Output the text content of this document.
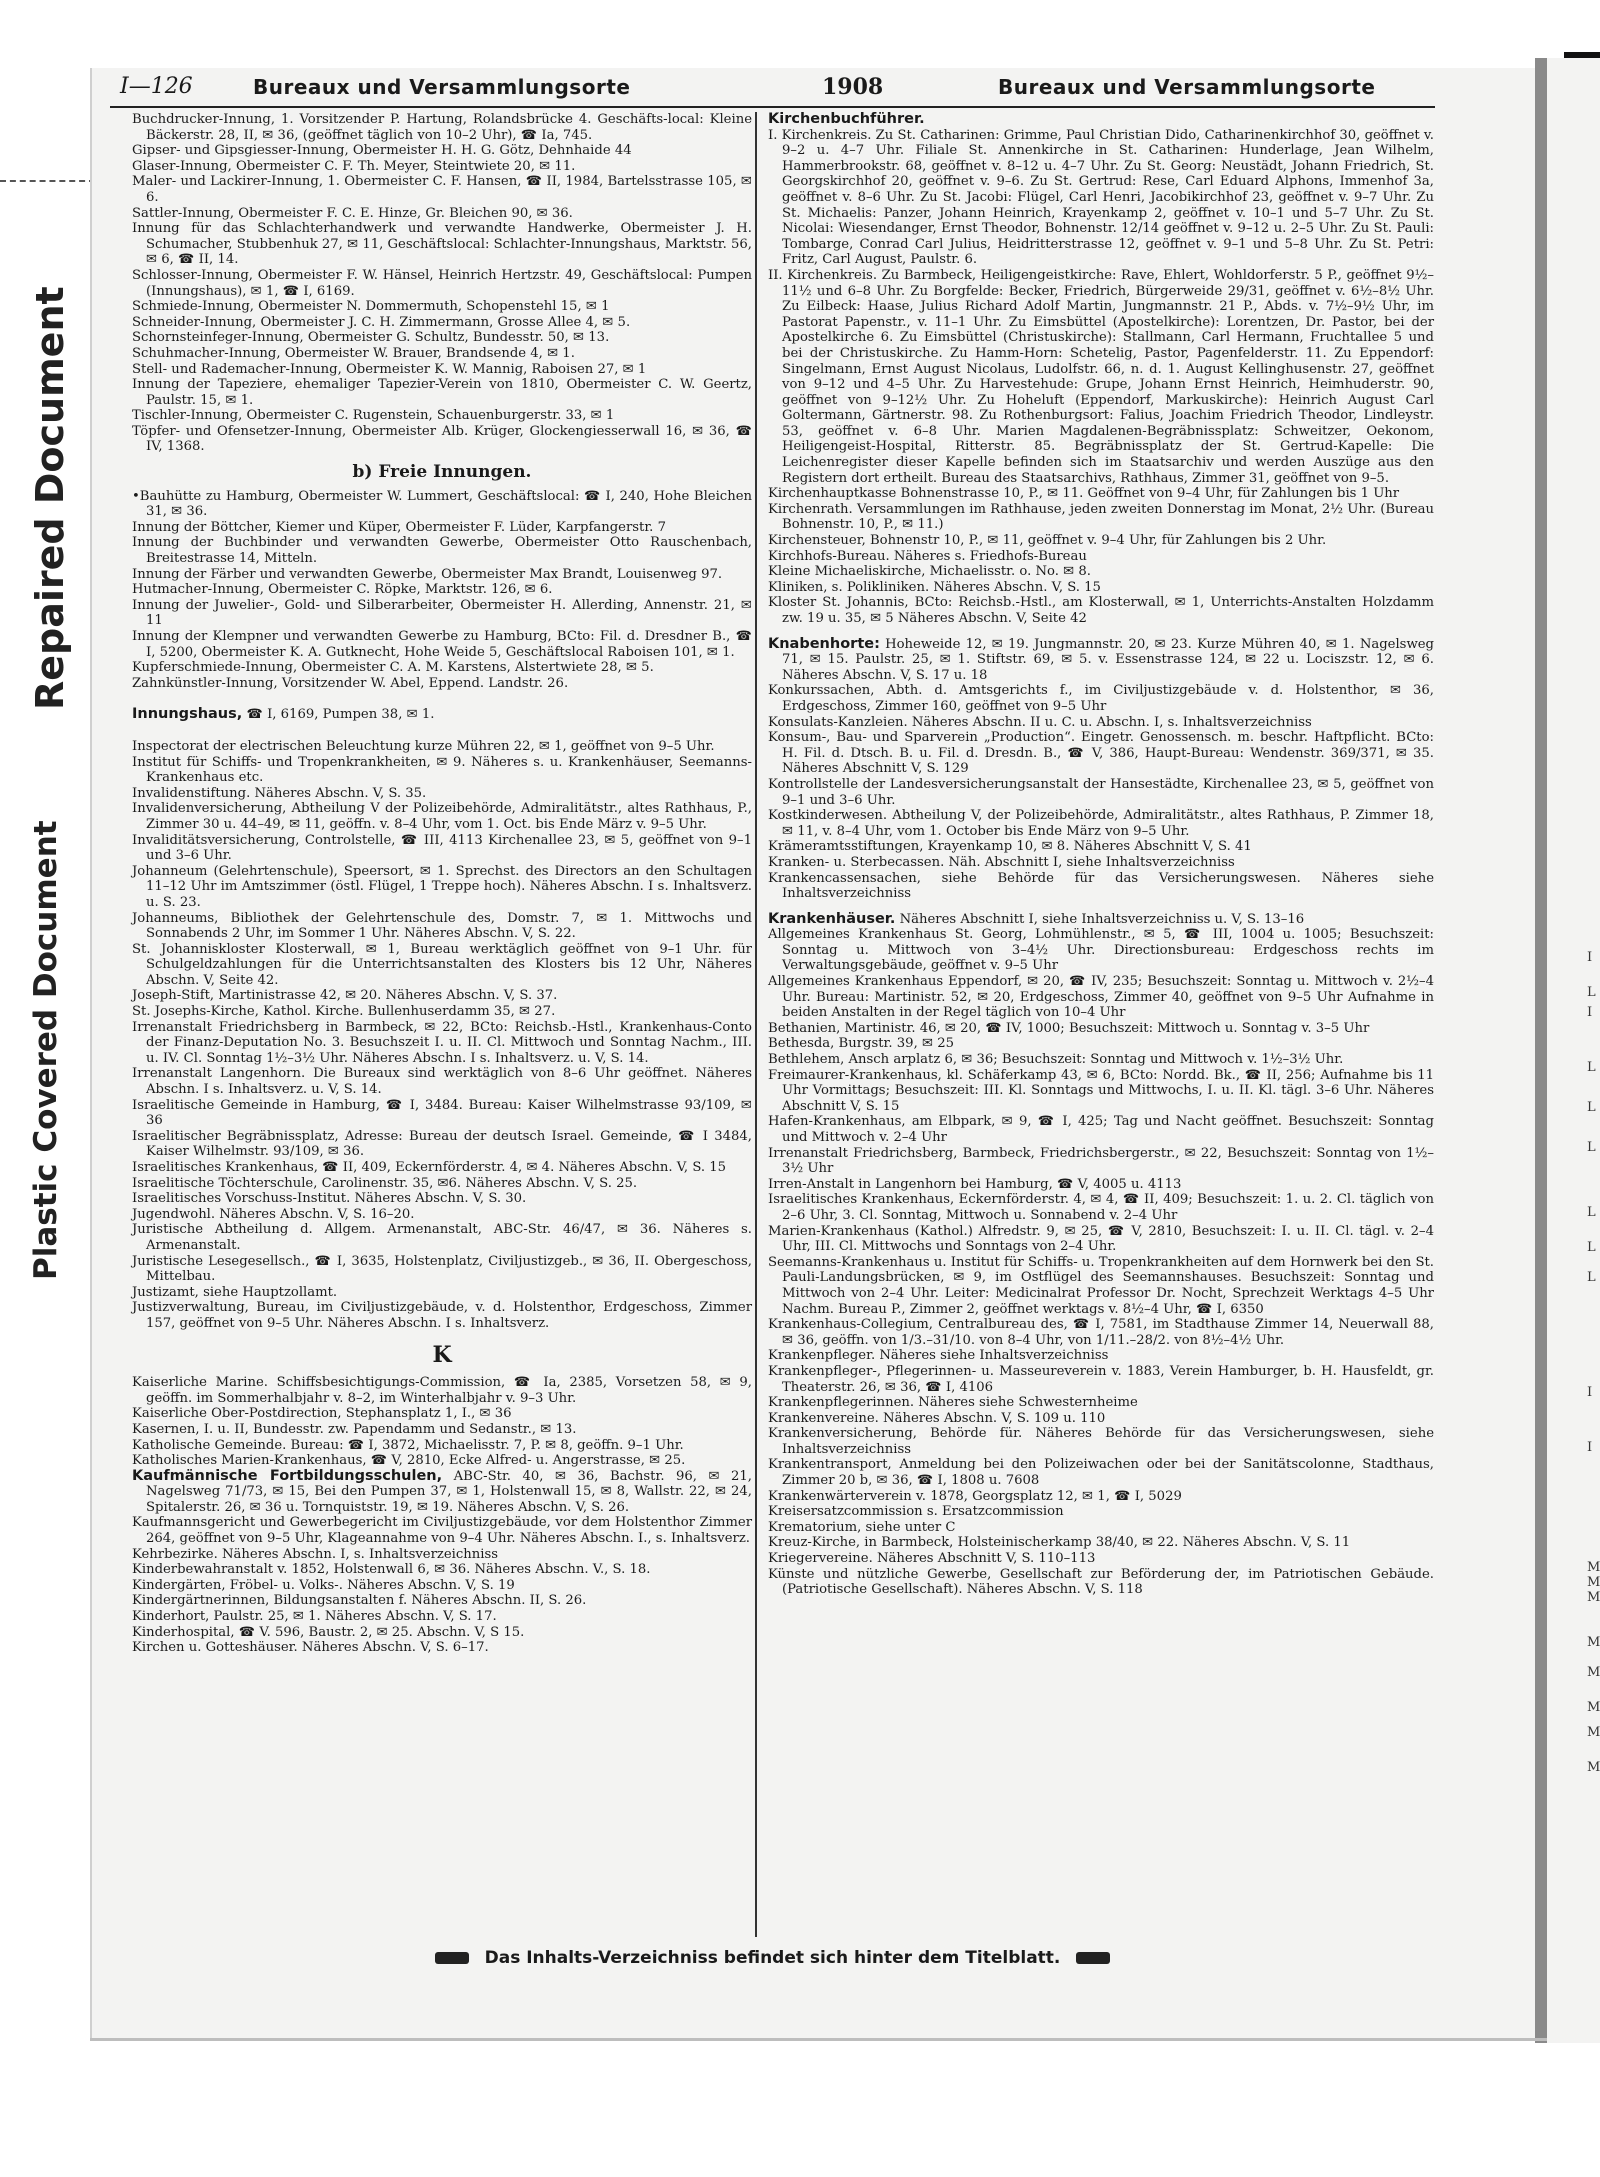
Plastic Covered Document
Repaired Document
I
L
I
L
L
L
L
L
L
I
I
M
M
M
M
M
M
M
M
I—126	Bureaux und Versammlungsorte	1908	Bureaux und Versammlungsorte
Buchdrucker-Innung, 1. Vorsitzender P. Hartung, Rolandsbrücke 4. Geschäfts-local: Kleine Bäckerstr. 28, II, ✉ 36, (geöffnet täglich von 10–2 Uhr), ☎ Ia, 745.
Gipser- und Gipsgiesser-Innung, Obermeister H. H. G. Götz, Dehnhaide 44
Glaser-Innung, Obermeister C. F. Th. Meyer, Steintwiete 20, ✉ 11.
Maler- und Lackirer-Innung, 1. Obermeister C. F. Hansen, ☎ II, 1984, Bartelsstrasse 105, ✉ 6.
Sattler-Innung, Obermeister F. C. E. Hinze, Gr. Bleichen 90, ✉ 36.
Innung für das Schlachterhandwerk und verwandte Handwerke, Obermeister J. H. Schumacher, Stubbenhuk 27, ✉ 11, Geschäftslocal: Schlachter-Innungshaus, Marktstr. 56, ✉ 6, ☎ II, 14.
Schlosser-Innung, Obermeister F. W. Hänsel, Heinrich Hertzstr. 49, Geschäftslocal: Pumpen (Innungshaus), ✉ 1, ☎ I, 6169.
Schmiede-Innung, Obermeister N. Dommermuth, Schopenstehl 15, ✉ 1
Schneider-Innung, Obermeister J. C. H. Zimmermann, Grosse Allee 4, ✉ 5.
Schornsteinfeger-Innung, Obermeister G. Schultz, Bundesstr. 50, ✉ 13.
Schuhmacher-Innung, Obermeister W. Brauer, Brandsende 4, ✉ 1.
Stell- und Rademacher-Innung, Obermeister K. W. Mannig, Raboisen 27, ✉ 1
Innung der Tapeziere, ehemaliger Tapezier-Verein von 1810, Obermeister C. W. Geertz, Paulstr. 15, ✉ 1.
Tischler-Innung, Obermeister C. Rugenstein, Schauenburgerstr. 33, ✉ 1
Töpfer- und Ofensetzer-Innung, Obermeister Alb. Krüger, Glockengiesserwall 16, ✉ 36, ☎ IV, 1368.
b) Freie Innungen.
•Bauhütte zu Hamburg, Obermeister W. Lummert, Geschäftslocal: ☎ I, 240, Hohe Bleichen 31, ✉ 36.
Innung der Böttcher, Kiemer und Küper, Obermeister F. Lüder, Karpfangerstr. 7
Innung der Buchbinder und verwandten Gewerbe, Obermeister Otto Rauschenbach, Breitestrasse 14, Mitteln.
Innung der Färber und verwandten Gewerbe, Obermeister Max Brandt, Louisenweg 97.
Hutmacher-Innung, Obermeister C. Röpke, Marktstr. 126, ✉ 6.
Innung der Juwelier-, Gold- und Silberarbeiter, Obermeister H. Allerding, Annenstr. 21, ✉ 11
Innung der Klempner und verwandten Gewerbe zu Hamburg, BCto: Fil. d. Dresdner B., ☎ I, 5200, Obermeister K. A. Gutknecht, Hohe Weide 5, Geschäftslocal Raboisen 101, ✉ 1.
Kupferschmiede-Innung, Obermeister C. A. M. Karstens, Alstertwiete 28, ✉ 5.
Zahnkünstler-Innung, Vorsitzender W. Abel, Eppend. Landstr. 26.
Innungshaus, ☎ I, 6169, Pumpen 38, ✉ 1.
Inspectorat der electrischen Beleuchtung kurze Mühren 22, ✉ 1, geöffnet von 9–5 Uhr.
Institut für Schiffs- und Tropenkrankheiten, ✉ 9. Näheres s. u. Krankenhäuser, Seemanns-Krankenhaus etc.
Invalidenstiftung. Näheres Abschn. V, S. 35.
Invalidenversicherung, Abtheilung V der Polizeibehörde, Admiralitätstr., altes Rathhaus, P., Zimmer 30 u. 44–49, ✉ 11, geöffn. v. 8–4 Uhr, vom 1. Oct. bis Ende März v. 9–5 Uhr.
Invaliditätsversicherung, Controlstelle, ☎ III, 4113 Kirchenallee 23, ✉ 5, geöffnet von 9–1 und 3–6 Uhr.
Johanneum (Gelehrtenschule), Speersort, ✉ 1. Sprechst. des Directors an den Schultagen 11–12 Uhr im Amtszimmer (östl. Flügel, 1 Treppe hoch). Näheres Abschn. I s. Inhaltsverz. u. S. 23.
Johanneums, Bibliothek der Gelehrtenschule des, Domstr. 7, ✉ 1. Mittwochs und Sonnabends 2 Uhr, im Sommer 1 Uhr. Näheres Abschn. V, S. 22.
St. Johanniskloster Klosterwall, ✉ 1, Bureau werktäglich geöffnet von 9–1 Uhr. für Schulgeldzahlungen für die Unterrichtsanstalten des Klosters bis 12 Uhr, Näheres Abschn. V, Seite 42.
Joseph-Stift, Martinistrasse 42, ✉ 20. Näheres Abschn. V, S. 37.
St. Josephs-Kirche, Kathol. Kirche. Bullenhuserdamm 35, ✉ 27.
Irrenanstalt Friedrichsberg in Barmbeck, ✉ 22, BCto: Reichsb.-Hstl., Krankenhaus-Conto der Finanz-Deputation No. 3. Besuchszeit I. u. II. Cl. Mittwoch und Sonntag Nachm., III. u. IV. Cl. Sonntag 1½–3½ Uhr. Näheres Abschn. I s. Inhaltsverz. u. V, S. 14.
Irrenanstalt Langenhorn. Die Bureaux sind werktäglich von 8–6 Uhr geöffnet. Näheres Abschn. I s. Inhaltsverz. u. V, S. 14.
Israelitische Gemeinde in Hamburg, ☎ I, 3484. Bureau: Kaiser Wilhelmstrasse 93/109, ✉ 36
Israelitischer Begräbnissplatz, Adresse: Bureau der deutsch Israel. Gemeinde, ☎ I 3484, Kaiser Wilhelmstr. 93/109, ✉ 36.
Israelitisches Krankenhaus, ☎ II, 409, Eckernförderstr. 4, ✉ 4. Näheres Abschn. V, S. 15
Israelitische Töchterschule, Carolinenstr. 35, ✉6. Näheres Abschn. V, S. 25.
Israelitisches Vorschuss-Institut. Näheres Abschn. V, S. 30.
Jugendwohl. Näheres Abschn. V, S. 16–20.
Juristische Abtheilung d. Allgem. Armenanstalt, ABC-Str. 46/47, ✉ 36. Näheres s. Armenanstalt.
Juristische Lesegesellsch., ☎ I, 3635, Holstenplatz, Civiljustizgeb., ✉ 36, II. Obergeschoss, Mittelbau.
Justizamt, siehe Hauptzollamt.
Justizverwaltung, Bureau, im Civiljustizgebäude, v. d. Holstenthor, Erdgeschoss, Zimmer 157, geöffnet von 9–5 Uhr. Näheres Abschn. I s. Inhaltsverz.
K
Kaiserliche Marine. Schiffsbesichtigungs-Commission, ☎ Ia, 2385, Vorsetzen 58, ✉ 9, geöffn. im Sommerhalbjahr v. 8–2, im Winterhalbjahr v. 9–3 Uhr.
Kaiserliche Ober-Postdirection, Stephansplatz 1, I., ✉ 36
Kasernen, I. u. II, Bundesstr. zw. Papendamm und Sedanstr., ✉ 13.
Katholische Gemeinde. Bureau: ☎ I, 3872, Michaelisstr. 7, P. ✉ 8, geöffn. 9–1 Uhr.
Katholisches Marien-Krankenhaus, ☎ V, 2810, Ecke Alfred- u. Angerstrasse, ✉ 25.
Kaufmännische Fortbildungsschulen, ABC-Str. 40, ✉ 36, Bachstr. 96, ✉ 21, Nagelsweg 71/73, ✉ 15, Bei den Pumpen 37, ✉ 1, Holstenwall 15, ✉ 8, Wallstr. 22, ✉ 24, Spitalerstr. 26, ✉ 36 u. Tornquiststr. 19, ✉ 19. Näheres Abschn. V, S. 26.
Kaufmannsgericht und Gewerbegericht im Civiljustizgebäude, vor dem Holstenthor Zimmer 264, geöffnet von 9–5 Uhr, Klageannahme von 9–4 Uhr. Näheres Abschn. I., s. Inhaltsverz.
Kehrbezirke. Näheres Abschn. I, s. Inhaltsverzeichniss
Kinderbewahranstalt v. 1852, Holstenwall 6, ✉ 36. Näheres Abschn. V., S. 18.
Kindergärten, Fröbel- u. Volks-. Näheres Abschn. V, S. 19
Kindergärtnerinnen, Bildungsanstalten f. Näheres Abschn. II, S. 26.
Kinderhort, Paulstr. 25, ✉ 1. Näheres Abschn. V, S. 17.
Kinderhospital, ☎ V. 596, Baustr. 2, ✉ 25. Abschn. V, S 15.
Kirchen u. Gotteshäuser. Näheres Abschn. V, S. 6–17.
Kirchenbuchführer.
I. Kirchenkreis. Zu St. Catharinen: Grimme, Paul Christian Dido, Catharinenkirchhof 30, geöffnet v. 9–2 u. 4–7 Uhr. Filiale St. Annenkirche in St. Catharinen: Hunderlage, Jean Wilhelm, Hammerbrookstr. 68, geöffnet v. 8–12 u. 4–7 Uhr. Zu St. Georg: Neustädt, Johann Friedrich, St. Georgskirchhof 20, geöffnet v. 9–6. Zu St. Gertrud: Rese, Carl Eduard Alphons, Immenhof 3a, geöffnet v. 8–6 Uhr. Zu St. Jacobi: Flügel, Carl Henri, Jacobikirchhof 23, geöffnet v. 9–7 Uhr. Zu St. Michaelis: Panzer, Johann Heinrich, Krayenkamp 2, geöffnet v. 10–1 und 5–7 Uhr. Zu St. Nicolai: Wiesendanger, Ernst Theodor, Bohnenstr. 12/14 geöffnet v. 9–12 u. 2–5 Uhr. Zu St. Pauli: Tombarge, Conrad Carl Julius, Heidritterstrasse 12, geöffnet v. 9–1 und 5–8 Uhr. Zu St. Petri: Fritz, Carl August, Paulstr. 6.
II. Kirchenkreis. Zu Barmbeck, Heiligengeistkirche: Rave, Ehlert, Wohldorferstr. 5 P., geöffnet 9½–11½ und 6–8 Uhr. Zu Borgfelde: Becker, Friedrich, Bürgerweide 29/31, geöffnet v. 6½–8½ Uhr. Zu Eilbeck: Haase, Julius Richard Adolf Martin, Jungmannstr. 21 P., Abds. v. 7½–9½ Uhr, im Pastorat Papenstr., v. 11–1 Uhr. Zu Eimsbüttel (Apostelkirche): Lorentzen, Dr. Pastor, bei der Apostelkirche 6. Zu Eimsbüttel (Christuskirche): Stallmann, Carl Hermann, Fruchtallee 5 und bei der Christuskirche. Zu Hamm-Horn: Schetelig, Pastor, Pagenfelderstr. 11. Zu Eppendorf: Singelmann, Ernst August Nicolaus, Ludolfstr. 66, n. d. 1. August Kellinghusenstr. 27, geöffnet von 9–12 und 4–5 Uhr. Zu Harvestehude: Grupe, Johann Ernst Heinrich, Heimhuderstr. 90, geöffnet von 9–12½ Uhr. Zu Hoheluft (Eppendorf, Markuskirche): Heinrich August Carl Goltermann, Gärtnerstr. 98. Zu Rothenburgsort: Falius, Joachim Friedrich Theodor, Lindleystr. 53, geöffnet v. 6–8 Uhr. Marien Magdalenen-Begräbnissplatz: Schweitzer, Oekonom, Heiligengeist-Hospital, Ritterstr. 85. Begräbnissplatz der St. Gertrud-Kapelle: Die Leichenregister dieser Kapelle befinden sich im Staatsarchiv und werden Auszüge aus den Registern dort ertheilt. Bureau des Staatsarchivs, Rathhaus, Zimmer 31, geöffnet von 9–5.
Kirchenhauptkasse Bohnenstrasse 10, P., ✉ 11. Geöffnet von 9–4 Uhr, für Zahlungen bis 1 Uhr
Kirchenrath. Versammlungen im Rathhause, jeden zweiten Donnerstag im Monat, 2½ Uhr. (Bureau Bohnenstr. 10, P., ✉ 11.)
Kirchensteuer, Bohnenstr 10, P., ✉ 11, geöffnet v. 9–4 Uhr, für Zahlungen bis 2 Uhr.
Kirchhofs-Bureau. Näheres s. Friedhofs-Bureau
Kleine Michaeliskirche, Michaelisstr. o. No. ✉ 8.
Kliniken, s. Polikliniken. Näheres Abschn. V, S. 15
Kloster St. Johannis, BCto: Reichsb.-Hstl., am Klosterwall, ✉ 1, Unterrichts-Anstalten Holzdamm zw. 19 u. 35, ✉ 5 Näheres Abschn. V, Seite 42
Knabenhorte: Hoheweide 12, ✉ 19. Jungmannstr. 20, ✉ 23. Kurze Mühren 40, ✉ 1. Nagelsweg 71, ✉ 15. Paulstr. 25, ✉ 1. Stiftstr. 69, ✉ 5. v. Essenstrasse 124, ✉ 22 u. Lociszstr. 12, ✉ 6. Näheres Abschn. V, S. 17 u. 18
Konkurssachen, Abth. d. Amtsgerichts f., im Civiljustizgebäude v. d. Holstenthor, ✉ 36, Erdgeschoss, Zimmer 160, geöffnet von 9–5 Uhr
Konsulats-Kanzleien. Näheres Abschn. II u. C. u. Abschn. I, s. Inhaltsverzeichniss
Konsum-, Bau- und Sparverein „Production“. Eingetr. Genossensch. m. beschr. Haftpflicht. BCto: H. Fil. d. Dtsch. B. u. Fil. d. Dresdn. B., ☎ V, 386, Haupt-Bureau: Wendenstr. 369/371, ✉ 35. Näheres Abschnitt V, S. 129
Kontrollstelle der Landesversicherungsanstalt der Hansestädte, Kirchenallee 23, ✉ 5, geöffnet von 9–1 und 3–6 Uhr.
Kostkinderwesen. Abtheilung V, der Polizeibehörde, Admiralitätstr., altes Rathhaus, P. Zimmer 18, ✉ 11, v. 8–4 Uhr, vom 1. October bis Ende März von 9–5 Uhr.
Krämeramtsstiftungen, Krayenkamp 10, ✉ 8. Näheres Abschnitt V, S. 41
Kranken- u. Sterbecassen. Näh. Abschnitt I, siehe Inhaltsverzeichniss
Krankencassensachen, siehe Behörde für das Versicherungswesen. Näheres siehe Inhaltsverzeichniss
Krankenhäuser. Näheres Abschnitt I, siehe Inhaltsverzeichniss u. V, S. 13–16
Allgemeines Krankenhaus St. Georg, Lohmühlenstr., ✉ 5, ☎ III, 1004 u. 1005; Besuchszeit: Sonntag u. Mittwoch von 3–4½ Uhr. Directionsbureau: Erdgeschoss rechts im Verwaltungsgebäude, geöffnet v. 9–5 Uhr
Allgemeines Krankenhaus Eppendorf, ✉ 20, ☎ IV, 235; Besuchszeit: Sonntag u. Mittwoch v. 2½–4 Uhr. Bureau: Martinistr. 52, ✉ 20, Erdgeschoss, Zimmer 40, geöffnet von 9–5 Uhr Aufnahme in beiden Anstalten in der Regel täglich von 10–4 Uhr
Bethanien, Martinistr. 46, ✉ 20, ☎ IV, 1000; Besuchszeit: Mittwoch u. Sonntag v. 3–5 Uhr
Bethesda, Burgstr. 39, ✉ 25
Bethlehem, Ansch arplatz 6, ✉ 36; Besuchszeit: Sonntag und Mittwoch v. 1½–3½ Uhr.
Freimaurer-Krankenhaus, kl. Schäferkamp 43, ✉ 6, BCto: Nordd. Bk., ☎ II, 256; Aufnahme bis 11 Uhr Vormittags; Besuchszeit: III. Kl. Sonntags und Mittwochs, I. u. II. Kl. tägl. 3–6 Uhr. Näheres Abschnitt V, S. 15
Hafen-Krankenhaus, am Elbpark, ✉ 9, ☎ I, 425; Tag und Nacht geöffnet. Besuchszeit: Sonntag und Mittwoch v. 2–4 Uhr
Irrenanstalt Friedrichsberg, Barmbeck, Friedrichsbergerstr., ✉ 22, Besuchszeit: Sonntag von 1½–3½ Uhr
Irren-Anstalt in Langenhorn bei Hamburg, ☎ V, 4005 u. 4113
Israelitisches Krankenhaus, Eckernförderstr. 4, ✉ 4, ☎ II, 409; Besuchszeit: 1. u. 2. Cl. täglich von 2–6 Uhr, 3. Cl. Sonntag, Mittwoch u. Sonnabend v. 2–4 Uhr
Marien-Krankenhaus (Kathol.) Alfredstr. 9, ✉ 25, ☎ V, 2810, Besuchszeit: I. u. II. Cl. tägl. v. 2–4 Uhr, III. Cl. Mittwochs und Sonntags von 2–4 Uhr.
Seemanns-Krankenhaus u. Institut für Schiffs- u. Tropenkrankheiten auf dem Hornwerk bei den St. Pauli-Landungsbrücken, ✉ 9, im Ostflügel des Seemannshauses. Besuchszeit: Sonntag und Mittwoch von 2–4 Uhr. Leiter: Medicinalrat Professor Dr. Nocht, Sprechzeit Werktags 4–5 Uhr Nachm. Bureau P., Zimmer 2, geöffnet werktags v. 8½–4 Uhr, ☎ I, 6350
Krankenhaus-Collegium, Centralbureau des, ☎ I, 7581, im Stadthause Zimmer 14, Neuerwall 88, ✉ 36, geöffn. von 1/3.–31/10. von 8–4 Uhr, von 1/11.–28/2. von 8½–4½ Uhr.
Krankenpfleger. Näheres siehe Inhaltsverzeichniss
Krankenpfleger-, Pflegerinnen- u. Masseureverein v. 1883, Verein Hamburger, b. H. Hausfeldt, gr. Theaterstr. 26, ✉ 36, ☎ I, 4106
Krankenpflegerinnen. Näheres siehe Schwesternheime
Krankenvereine. Näheres Abschn. V, S. 109 u. 110
Krankenversicherung, Behörde für. Näheres Behörde für das Versicherungswesen, siehe Inhaltsverzeichniss
Krankentransport, Anmeldung bei den Polizeiwachen oder bei der Sanitätscolonne, Stadthaus, Zimmer 20 b, ✉ 36, ☎ I, 1808 u. 7608
Krankenwärterverein v. 1878, Georgsplatz 12, ✉ 1, ☎ I, 5029
Kreisersatzcommission s. Ersatzcommission
Krematorium, siehe unter C
Kreuz-Kirche, in Barmbeck, Holsteinischerkamp 38/40, ✉ 22. Näheres Abschn. V, S. 11
Kriegervereine. Näheres Abschnitt V, S. 110–113
Künste und nützliche Gewerbe, Gesellschaft zur Beförderung der, im Patriotischen Gebäude. (Patriotische Gesellschaft). Näheres Abschn. V, S. 118
Das Inhalts-Verzeichniss befindet sich hinter dem Titelblatt.
